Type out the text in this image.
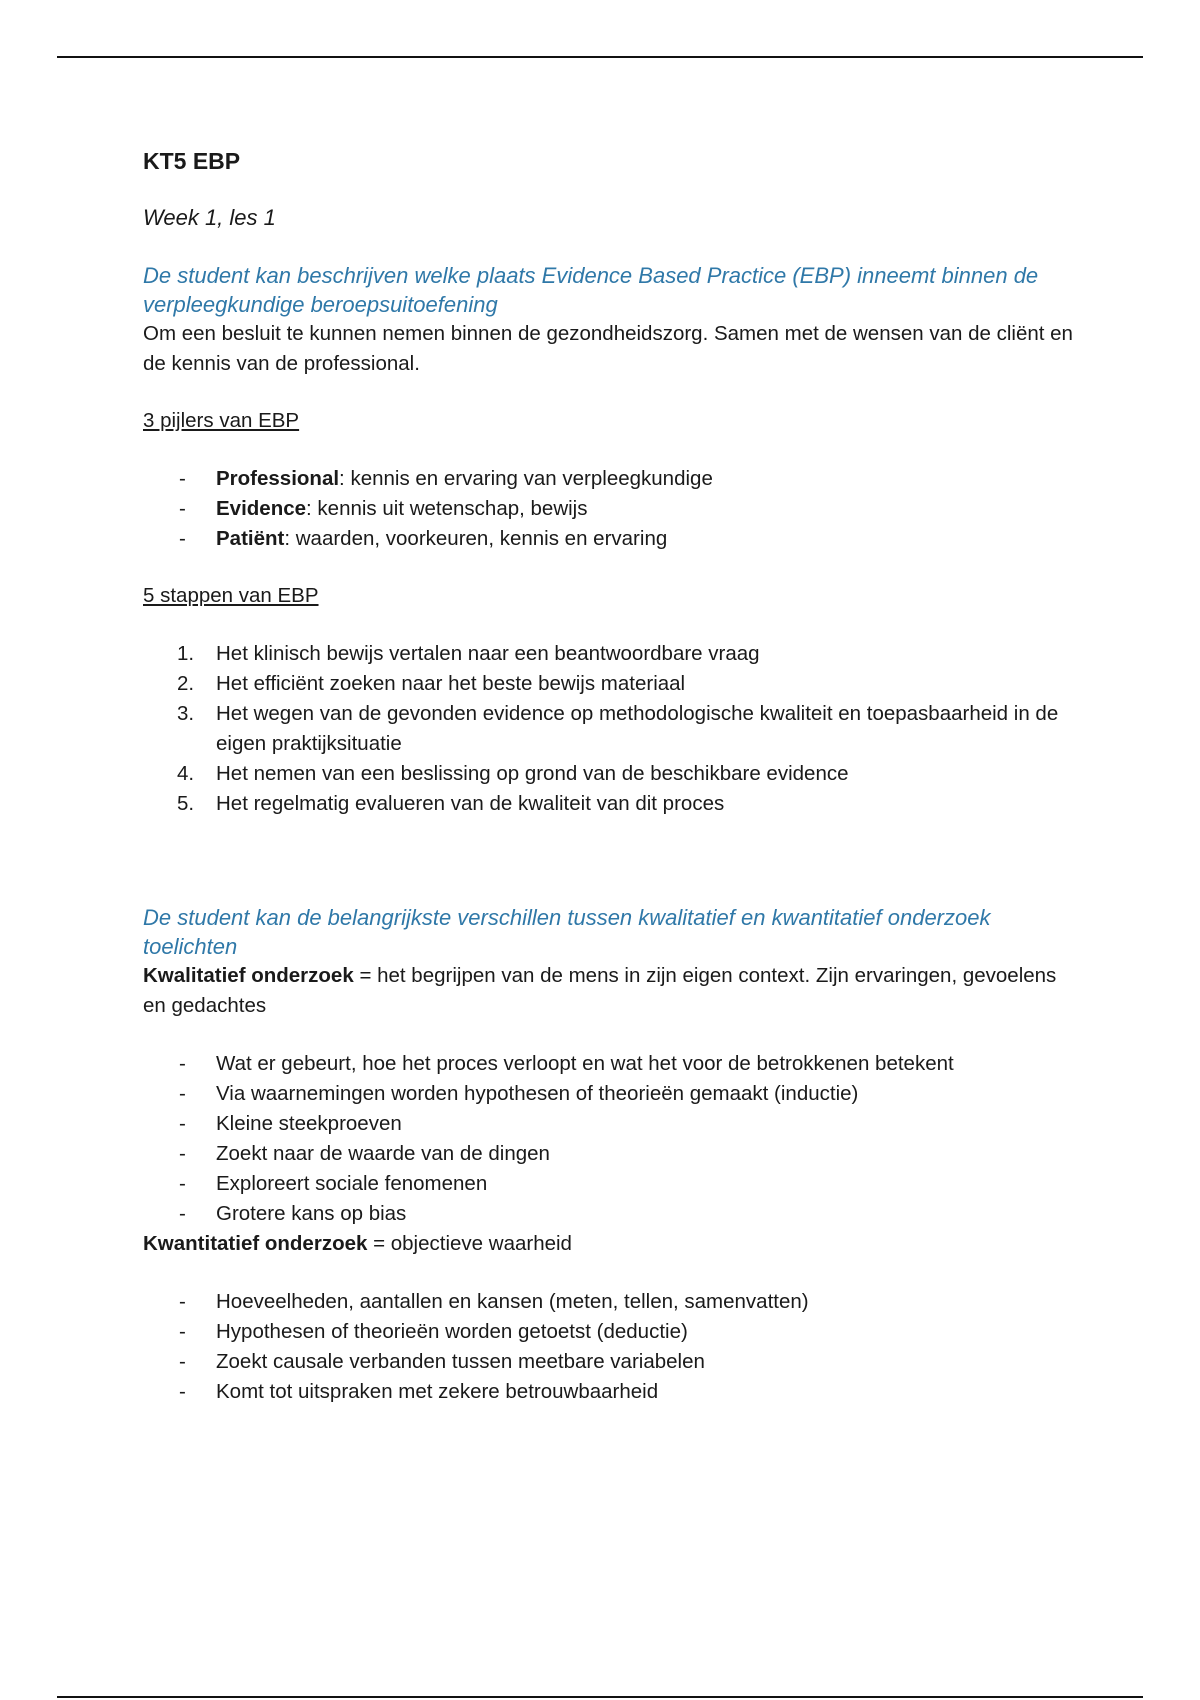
KT5 EBP

Week 1, les 1

De student kan beschrijven welke plaats Evidence Based Practice (EBP) inneemt binnen de verpleegkundige beroepsuitoefening

Om een besluit te kunnen nemen binnen de gezondheidszorg. Samen met de wensen van de cliënt en de kennis van de professional.

3 pijlers van EBP
- Professional: kennis en ervaring van verpleegkundige
- Evidence: kennis uit wetenschap, bewijs
- Patiënt: waarden, voorkeuren, kennis en ervaring
5 stappen van EBP
1.	Het klinisch bewijs vertalen naar een beantwoordbare vraag
2.	Het efficiënt zoeken naar het beste bewijs materiaal
3.	Het wegen van de gevonden evidence op methodologische kwaliteit en toepasbaarheid in de eigen praktijksituatie
4.	Het nemen van een beslissing op grond van de beschikbare evidence
5.	Het regelmatig evalueren van de kwaliteit van dit proces

De student kan de belangrijkste verschillen tussen kwalitatief en kwantitatief onderzoek toelichten

Kwalitatief onderzoek = het begrijpen van de mens in zijn eigen context. Zijn ervaringen, gevoelens en gedachtes

- Wat er gebeurt, hoe het proces verloopt en wat het voor de betrokkenen betekent
- Via waarnemingen worden hypothesen of theorieën gemaakt (inductie)
- Kleine steekproeven
- Zoekt naar de waarde van de dingen
- Exploreert sociale fenomenen
- Grotere kans op bias

Kwantitatief onderzoek = objectieve waarheid

- Hoeveelheden, aantallen en kansen (meten, tellen, samenvatten)
- Hypothesen of theorieën worden getoetst (deductie)
- Zoekt causale verbanden tussen meetbare variabelen
- Komt tot uitspraken met zekere betrouwbaarheid
